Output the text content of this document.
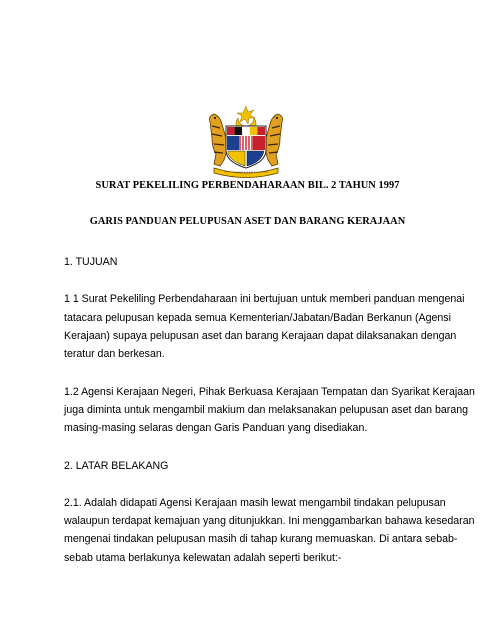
SURAT PEKELILING PERBENDAHARAAN BIL. 2 TAHUN 1997
GARIS PANDUAN PELUPUSAN ASET DAN BARANG KERAJAAN
1. TUJUAN
1 1 Surat Pekeliling Perbendaharaan ini bertujuan untuk memberi panduan mengenai
tatacara pelupusan kepada semua Kementerian/Jabatan/Badan Berkanun (Agensi
Kerajaan) supaya pelupusan aset dan barang Kerajaan dapat dilaksanakan dengan
teratur dan berkesan.
1.2 Agensi Kerajaan Negeri, Pihak Berkuasa Kerajaan Tempatan dan Syarikat Kerajaan
juga diminta untuk mengambil makium dan melaksanakan pelupusan aset dan barang
masing-masing selaras dengan Garis Panduan yang disediakan.
2. LATAR BELAKANG
2.1. Adalah didapati Agensi Kerajaan masih lewat mengambil tindakan pelupusan
walaupun terdapat kemajuan yang ditunjukkan. Ini menggambarkan bahawa kesedaran
mengenai tindakan pelupusan masih di tahap kurang memuaskan. Di antara sebab-
sebab utama berlakunya kelewatan adalah seperti berikut:-
